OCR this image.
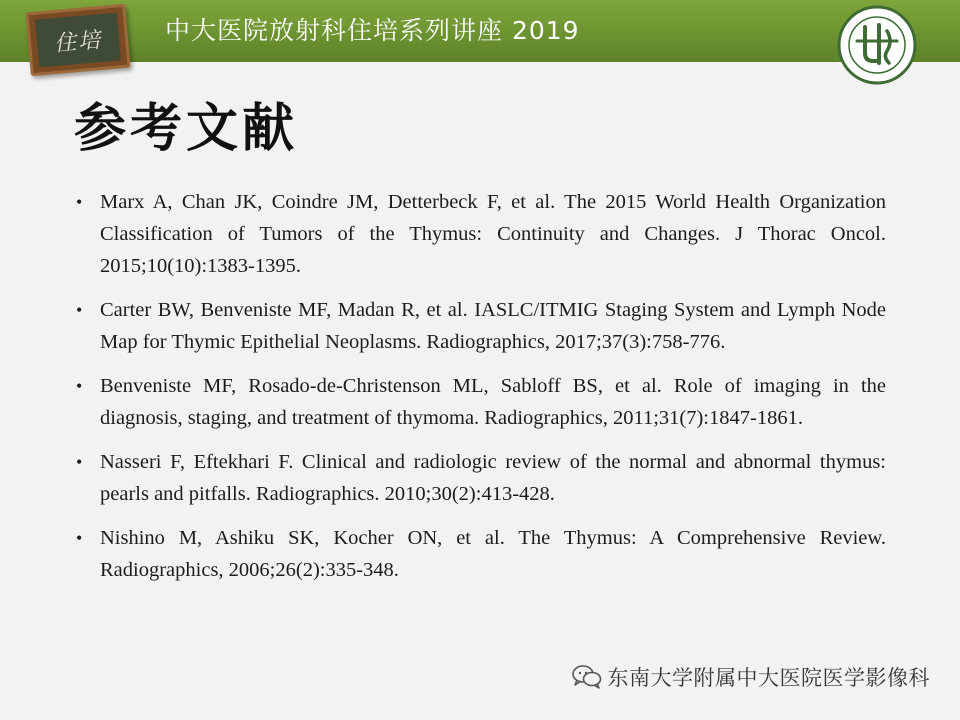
住培 中大医院放射科住培系列讲座 2019
参考文献
• Marx A, Chan JK, Coindre JM, Detterbeck F, et al. The 2015 World Health Organization Classification of Tumors of the Thymus: Continuity and Changes. J Thorac Oncol. 2015;10(10):1383-1395.
• Carter BW, Benveniste MF, Madan R, et al. IASLC/ITMIG Staging System and Lymph Node Map for Thymic Epithelial Neoplasms. Radiographics, 2017;37(3):758-776.
• Benveniste MF, Rosado-de-Christenson ML, Sabloff BS, et al. Role of imaging in the diagnosis, staging, and treatment of thymoma. Radiographics, 2011;31(7):1847-1861.
• Nasseri F, Eftekhari F. Clinical and radiologic review of the normal and abnormal thymus: pearls and pitfalls. Radiographics. 2010;30(2):413-428.
• Nishino M, Ashiku SK, Kocher ON, et al. The Thymus: A Comprehensive Review. Radiographics, 2006;26(2):335-348.
东南大学附属中大医院医学影像科
